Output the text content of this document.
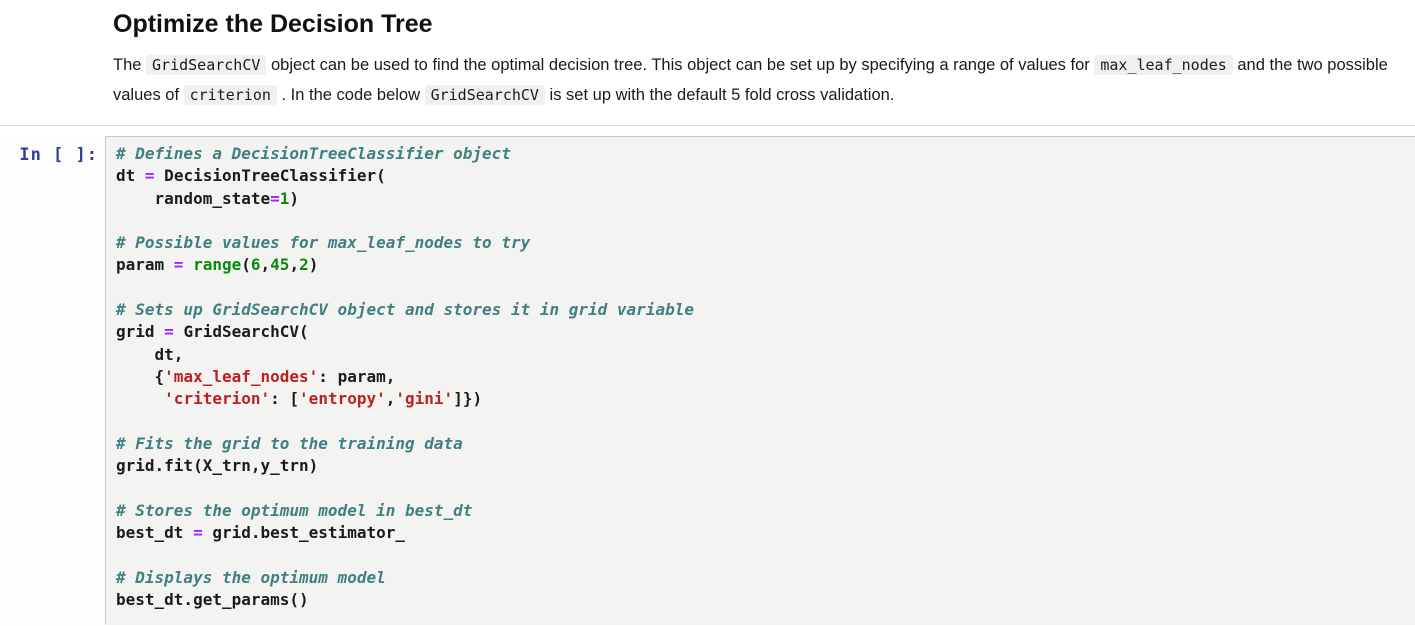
Optimize the Decision Tree
The GridSearchCV object can be used to find the optimal decision tree. This object can be set up by specifying a range of values for max_leaf_nodes and the two possible values of criterion . In the code below GridSearchCV is set up with the default 5 fold cross validation.
In [ ]:	# Defines a DecisionTreeClassifier object
dt = DecisionTreeClassifier(
random_state=1)
# Possible values for max_leaf_nodes to try
param = range(6,45,2)
# Sets up GridSearchCV object and stores it in grid variable
grid = GridSearchCV(
dt,
{'max_leaf_nodes': param,
'criterion': ['entropy','gini']})
# Fits the grid to the training data
grid.fit(X_trn,y_trn)
# Stores the optimum model in best_dt
best_dt = grid.best_estimator_
# Displays the optimum model
best_dt.get_params()
